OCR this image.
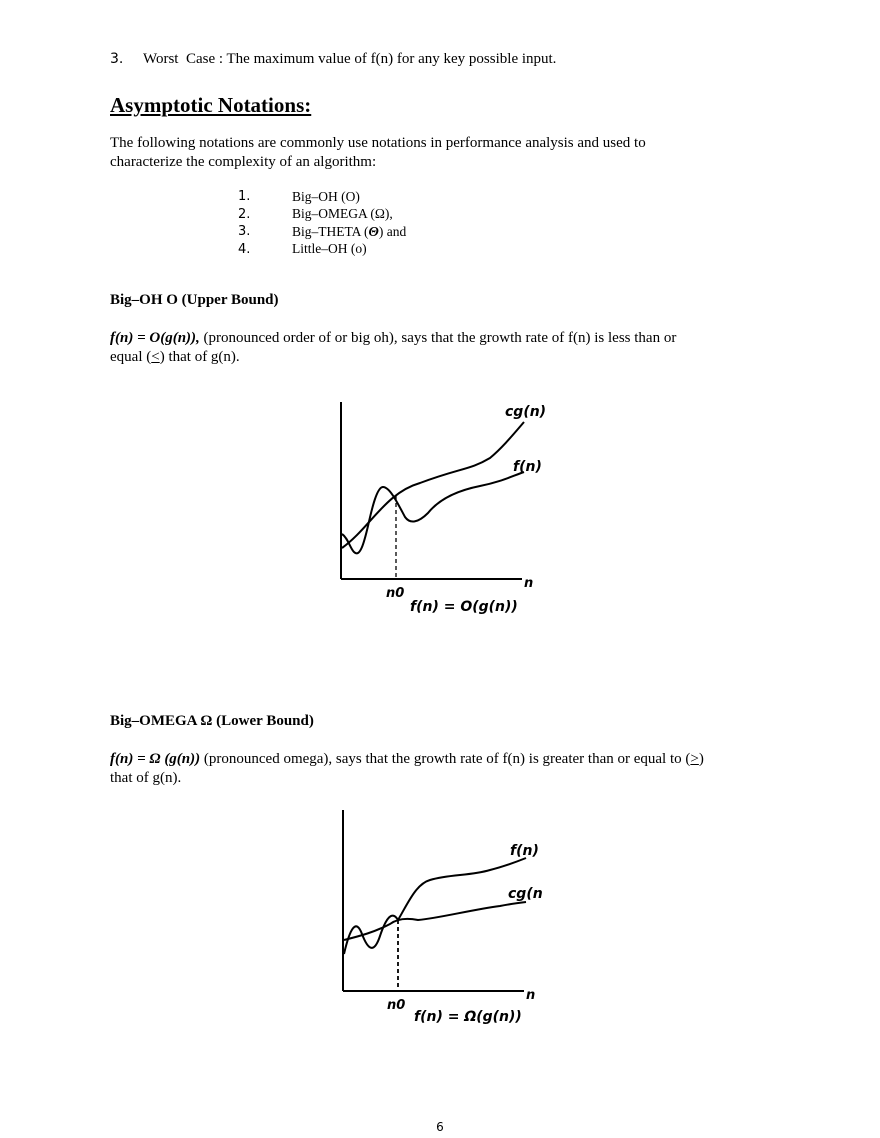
3. Worst  Case : The maximum value of f(n) for any key possible input.
Asymptotic Notations:
The following notations are commonly use notations in performance analysis and used to characterize the complexity of an algorithm:
1.	Big–OH (O)
2.	Big–OMEGA (Ω),
3.	Big–THETA (Θ) and
4.	Little–OH (o)
Big–OH O (Upper Bound)
f(n) = O(g(n)), (pronounced order of or big oh), says that the growth rate of f(n) is less than or equal (<) that of g(n).
cg(n)
f(n)
n
n0
f(n) = O(g(n))
Big–OMEGA Ω (Lower Bound)
f(n) = Ω (g(n)) (pronounced omega), says that the growth rate of f(n) is greater than or equal to (>) that of g(n).
f(n)
cg(n
n
n0
f(n) = Ω(g(n))
6
